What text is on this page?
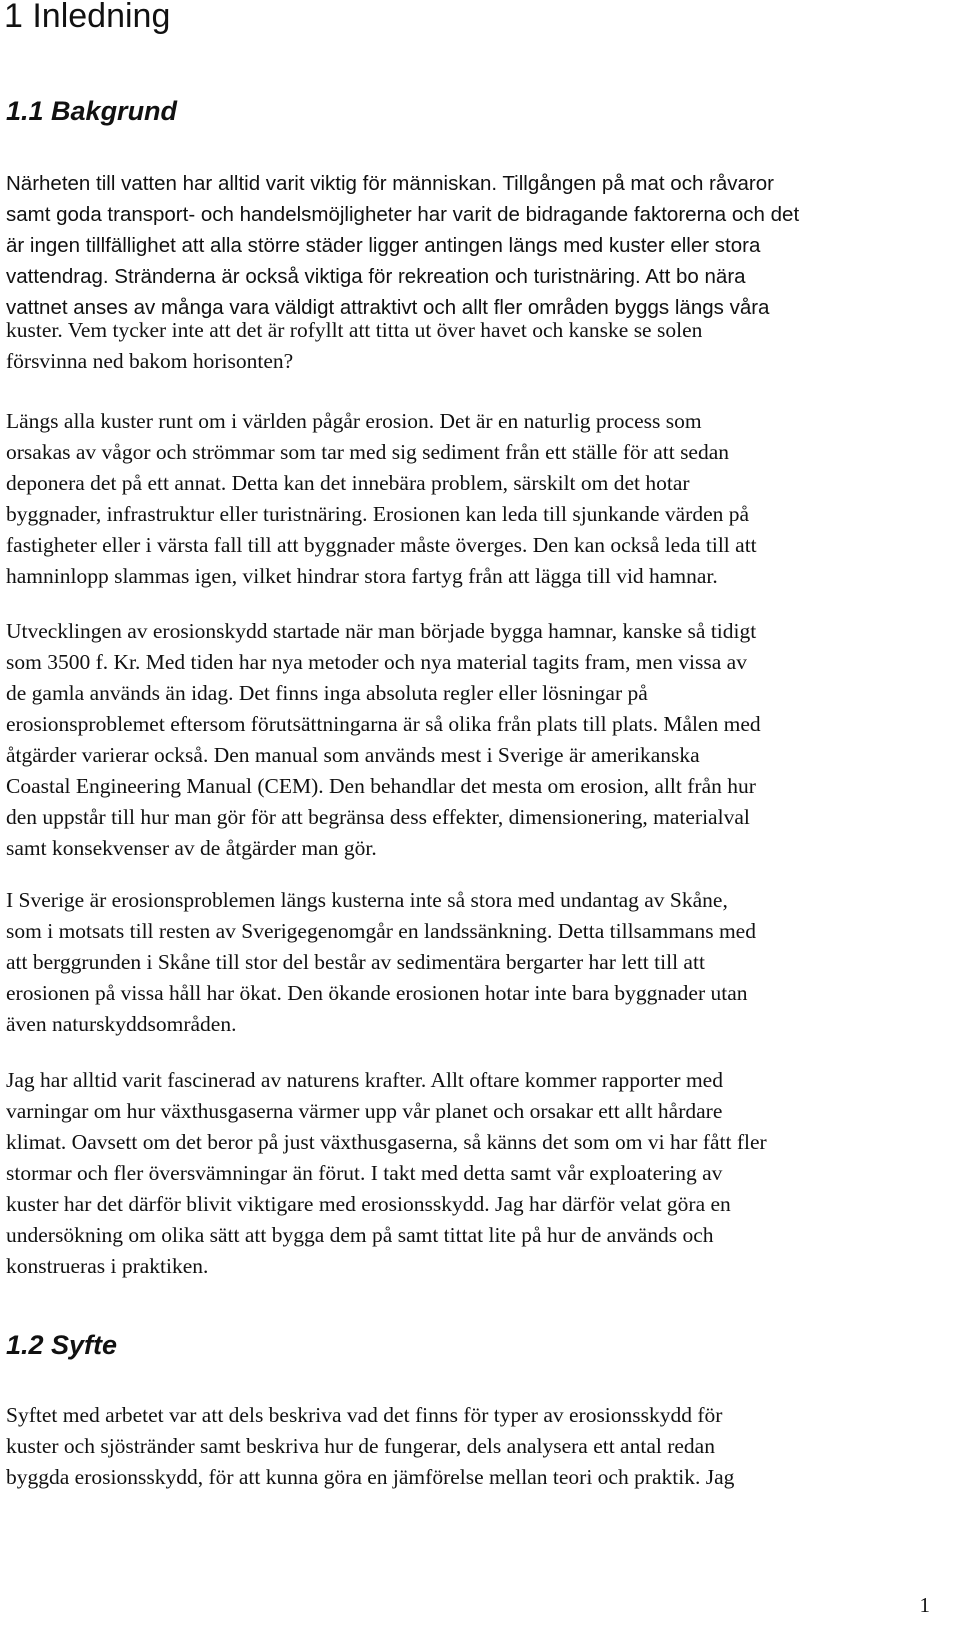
1 Inledning
1.1 Bakgrund
Närheten till vatten har alltid varit viktig för människan. Tillgången på mat och råvaror
samt goda transport- och handelsmöjligheter har varit de bidragande faktorerna och det
är ingen tillfällighet att alla större städer ligger antingen längs med kuster eller stora
vattendrag. Stränderna är också viktiga för rekreation och turistnäring. Att bo nära
vattnet anses av många vara väldigt attraktivt och allt fler områden byggs längs våra
kuster. Vem tycker inte att det är rofyllt att titta ut över havet och kanske se solen
försvinna ned bakom horisonten?
Längs alla kuster runt om i världen pågår erosion. Det är en naturlig process som
orsakas av vågor och strömmar som tar med sig sediment från ett ställe för att sedan
deponera det på ett annat. Detta kan det innebära problem, särskilt om det hotar
byggnader, infrastruktur eller turistnäring. Erosionen kan leda till sjunkande värden på
fastigheter eller i värsta fall till att byggnader måste överges. Den kan också leda till att
hamninlopp slammas igen, vilket hindrar stora fartyg från att lägga till vid hamnar.
Utvecklingen av erosionskydd startade när man började bygga hamnar, kanske så tidigt
som 3500 f. Kr. Med tiden har nya metoder och nya material tagits fram, men vissa av
de gamla används än idag. Det finns inga absoluta regler eller lösningar på
erosionsproblemet eftersom förutsättningarna är så olika från plats till plats. Målen med
åtgärder varierar också. Den manual som används mest i Sverige är amerikanska
Coastal Engineering Manual (CEM). Den behandlar det mesta om erosion, allt från hur
den uppstår till hur man gör för att begränsa dess effekter, dimensionering, materialval
samt konsekvenser av de åtgärder man gör.
I Sverige är erosionsproblemen längs kusterna inte så stora med undantag av Skåne,
som i motsats till resten av Sverigegenomgår en landssänkning. Detta tillsammans med
att berggrunden i Skåne till stor del består av sedimentära bergarter har lett till att
erosionen på vissa håll har ökat. Den ökande erosionen hotar inte bara byggnader utan
även naturskyddsområden.
Jag har alltid varit fascinerad av naturens krafter. Allt oftare kommer rapporter med
varningar om hur växthusgaserna värmer upp vår planet och orsakar ett allt hårdare
klimat. Oavsett om det beror på just växthusgaserna, så känns det som om vi har fått fler
stormar och fler översvämningar än förut. I takt med detta samt vår exploatering av
kuster har det därför blivit viktigare med erosionsskydd. Jag har därför velat göra en
undersökning om olika sätt att bygga dem på samt tittat lite på hur de används och
konstrueras i praktiken.
1.2 Syfte
Syftet med arbetet var att dels beskriva vad det finns för typer av erosionsskydd för
kuster och sjöstränder samt beskriva hur de fungerar, dels analysera ett antal redan
byggda erosionsskydd, för att kunna göra en jämförelse mellan teori och praktik. Jag

1
